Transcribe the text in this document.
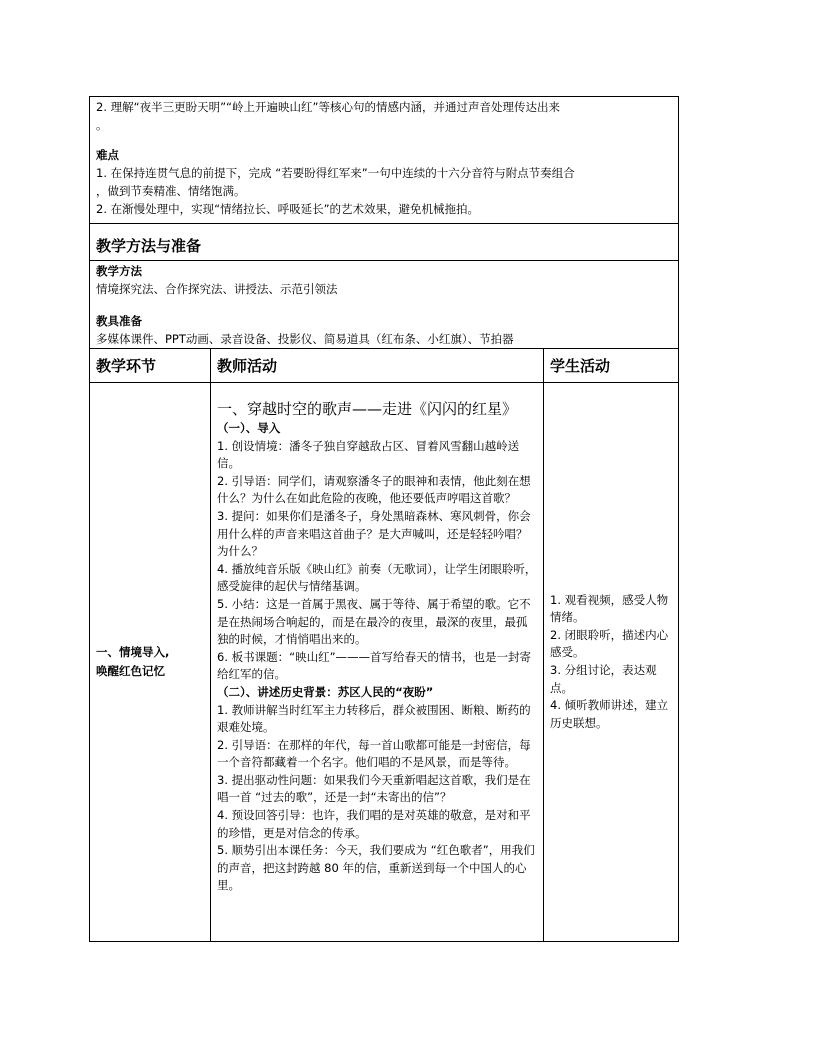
2. 理解“夜半三更盼天明”“岭上开遍映山红”等核心句的情感内涵，并通过声音处理传达出来
。
难点
1. 在保持连贯气息的前提下，完成 “若要盼得红军来”一句中连续的十六分音符与附点节奏组合
，做到节奏精准、情绪饱满。
2. 在渐慢处理中，实现“情绪拉长、呼吸延长”的艺术效果，避免机械拖拍。
教学方法与准备
教学方法
情境探究法、合作探究法、讲授法、示范引领法
教具准备
多媒体课件、PPT动画、录音设备、投影仪、简易道具（红布条、小红旗）、节拍器
教学环节
一、情境导入,
唤醒红色记忆
教师活动
一、穿越时空的歌声——走进《闪闪的红星》
（一）、导入
1. 创设情境：潘冬子独自穿越敌占区、冒着风雪翻山越岭送信。
2. 引导语：同学们，请观察潘冬子的眼神和表情，他此刻在想什么？为什么在如此危险的夜晚，他还要低声哼唱这首歌？
3. 提问：如果你们是潘冬子，身处黑暗森林、寒风刺骨，你会用什么样的声音来唱这首曲子？是大声喊叫，还是轻轻吟唱？为什么？
4. 播放纯音乐版《映山红》前奏（无歌词），让学生闭眼聆听，感受旋律的起伏与情绪基调。
5. 小结：这是一首属于黑夜、属于等待、属于希望的歌。它不是在热闹场合响起的，而是在最冷的夜里，最深的夜里，最孤独的时候，才悄悄唱出来的。
6. 板书课题：“映山红”———首写给春天的情书，也是一封寄给红军的信。
（二）、讲述历史背景：苏区人民的“夜盼”
1. 教师讲解当时红军主力转移后，群众被围困、断粮、断药的艰难处境。
2. 引导语：在那样的年代，每一首山歌都可能是一封密信，每一个音符都藏着一个名字。他们唱的不是风景，而是等待。
3. 提出驱动性问题：如果我们今天重新唱起这首歌，我们是在唱一首 “过去的歌”，还是一封“未寄出的信”？
4. 预设回答引导：也许，我们唱的是对英雄的敬意，是对和平的珍惜，更是对信念的传承。
5. 顺势引出本课任务：今天，我们要成为 “红色歌者”，用我们的声音，把这封跨越 80 年的信，重新送到每一个中国人的心里。
学生活动
1. 观看视频，感受人物情绪。
2. 闭眼聆听，描述内心感受。
3. 分组讨论，表达观点。
4. 倾听教师讲述，建立历史联想。
